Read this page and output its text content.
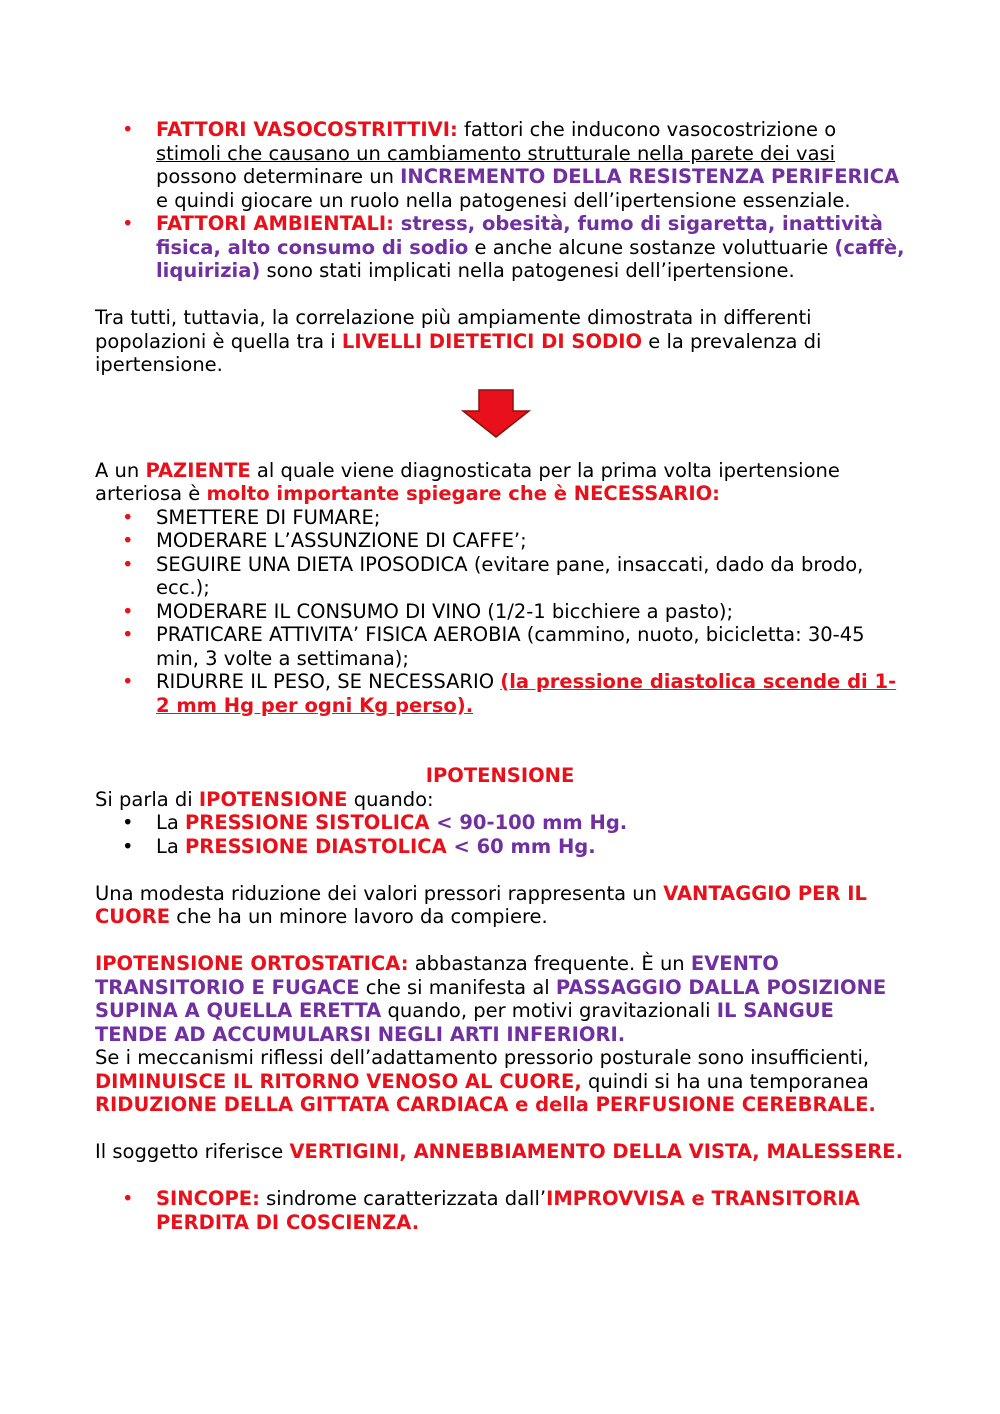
• FATTORI VASOCOSTRITTIVI: fattori che inducono vasocostrizione o stimoli che causano un cambiamento strutturale nella parete dei vasi possono determinare un INCREMENTO DELLA RESISTENZA PERIFERICA e quindi giocare un ruolo nella patogenesi dell’ipertensione essenziale.
• FATTORI AMBIENTALI: stress, obesità, fumo di sigaretta, inattività fisica, alto consumo di sodio e anche alcune sostanze voluttuarie (caffè, liquirizia) sono stati implicati nella patogenesi dell’ipertensione.

Tra tutti, tuttavia, la correlazione più ampiamente dimostrata in differenti popolazioni è quella tra i LIVELLI DIETETICI DI SODIO e la prevalenza di ipertensione.

A un PAZIENTE al quale viene diagnosticata per la prima volta ipertensione arteriosa è molto importante spiegare che è NECESSARIO:

• SMETTERE DI FUMARE;
• MODERARE L’ASSUNZIONE DI CAFFE’;
• SEGUIRE UNA DIETA IPOSODICA (evitare pane, insaccati, dado da brodo, ecc.);
• MODERARE IL CONSUMO DI VINO (1/2-1 bicchiere a pasto);
• PRATICARE ATTIVITA’ FISICA AEROBIA (cammino, nuoto, bicicletta: 30-45 min, 3 volte a settimana);
• RIDURRE IL PESO, SE NECESSARIO (la pressione diastolica scende di 1-2 mm Hg per ogni Kg perso).
IPOTENSIONE

Si parla di IPOTENSIONE quando:

• La PRESSIONE SISTOLICA < 90-100 mm Hg.
• La PRESSIONE DIASTOLICA < 60 mm Hg.

Una modesta riduzione dei valori pressori rappresenta un VANTAGGIO PER IL CUORE che ha un minore lavoro da compiere.

IPOTENSIONE ORTOSTATICA: abbastanza frequente. È un EVENTO TRANSITORIO E FUGACE che si manifesta al PASSAGGIO DALLA POSIZIONE SUPINA A QUELLA ERETTA quando, per motivi gravitazionali IL SANGUE TENDE AD ACCUMULARSI NEGLI ARTI INFERIORI.

Se i meccanismi riflessi dell’adattamento pressorio posturale sono insufficienti, DIMINUISCE IL RITORNO VENOSO AL CUORE, quindi si ha una temporanea RIDUZIONE DELLA GITTATA CARDIACA e della PERFUSIONE CEREBRALE.

Il soggetto riferisce VERTIGINI, ANNEBBIAMENTO DELLA VISTA, MALESSERE.

• SINCOPE: sindrome caratterizzata dall’IMPROVVISA e TRANSITORIA PERDITA DI COSCIENZA.
